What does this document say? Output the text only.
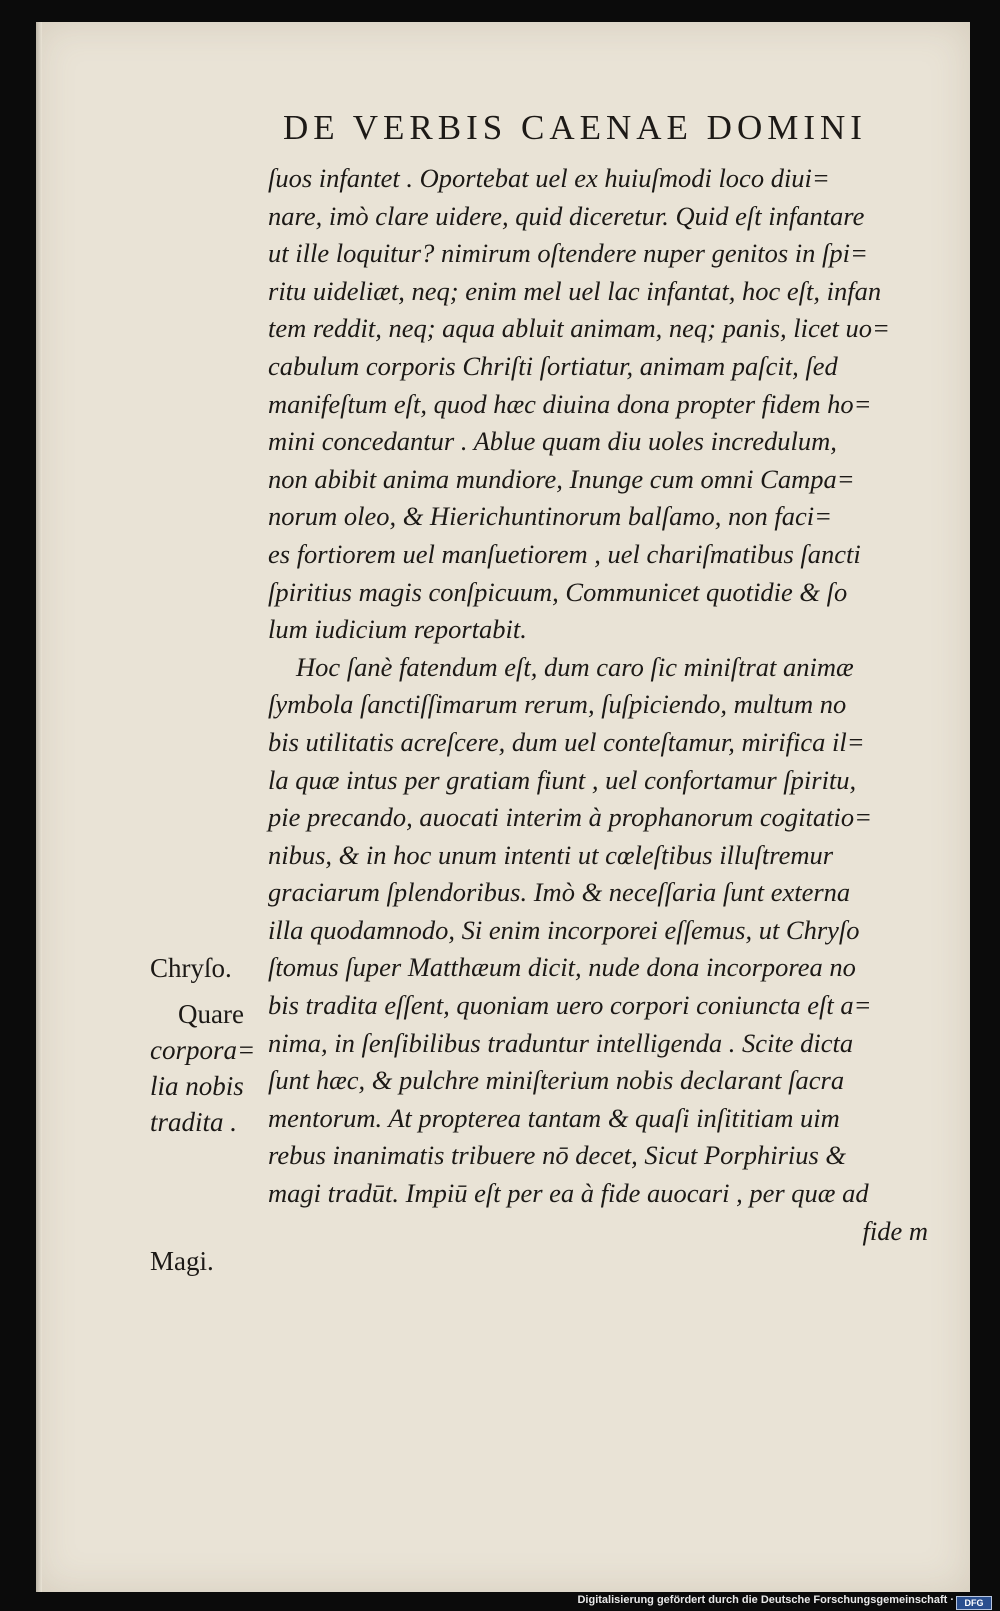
DE VERBIS CAENAE DOMINI
ſuos infantet . Oportebat uel ex huiuſmodi loco diui=
nare, imò clare uidere, quid diceretur. Quid eſt infantare
ut ille loquitur? nimirum oſtendere nuper genitos in ſpi=
ritu uideliæt, neq; enim mel uel lac infantat, hoc eſt, infan
tem reddit, neq; aqua abluit animam, neq; panis, licet uo=
cabulum corporis Chriſti ſortiatur, animam paſcit, ſed
manifeſtum eſt, quod hæc diuina dona propter fidem ho=
mini concedantur . Ablue quam diu uoles incredulum,
non abibit anima mundiore, Inunge cum omni Campa=
norum oleo, & Hierichuntinorum balſamo, non faci=
es fortiorem uel manſuetiorem , uel chariſmatibus ſancti
ſpiritius magis conſpicuum, Communicet quotidie & ſo
lum iudicium reportabit.
Hoc ſanè fatendum eſt, dum caro ſic miniſtrat animæ
ſymbola ſanctiſſimarum rerum, ſuſpiciendo, multum no
bis utilitatis acreſcere, dum uel conteſtamur, mirifica il=
la quæ intus per gratiam fiunt , uel confortamur ſpiritu,
pie precando, auocati interim à prophanorum cogitatio=
nibus, & in hoc unum intenti ut cœleſtibus illuſtremur
graciarum ſplendoribus. Imò & neceſſaria ſunt externa
illa quodamnodo, Si enim incorporei eſſemus, ut Chryſo
ſtomus ſuper Matthæum dicit, nude dona incorporea no
bis tradita eſſent, quoniam uero corpori coniuncta eſt a=
nima, in ſenſibilibus traduntur intelligenda . Scite dicta
ſunt hæc, & pulchre miniſterium nobis declarant ſacra
mentorum. At propterea tantam & quaſi inſititiam uim
rebus inanimatis tribuere nō decet, Sicut Porphirius &
magi tradūt. Impiū eſt per ea à fide auocari , per quæ ad
fide m
Chryſo.
Quare
corpora=
lia nobis
tradita .
Magi.
Digitalisierung gefördert durch die Deutsche Forschungsgemeinschaft ·	DFG
